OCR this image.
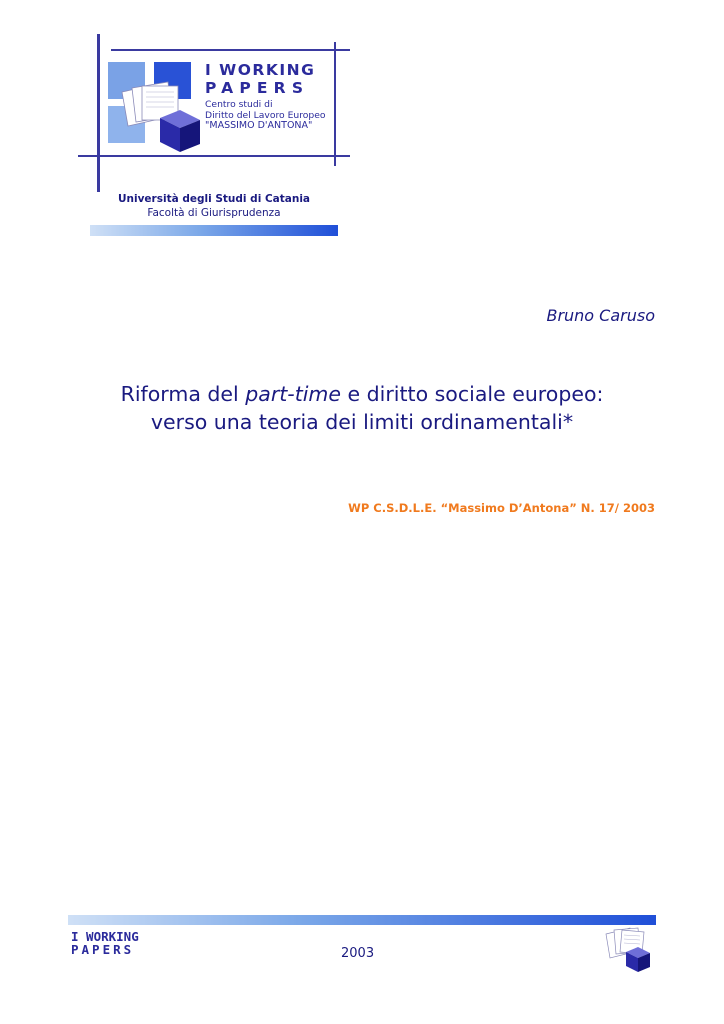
I WORKING
PAPERS
Centro studi di
Diritto del Lavoro Europeo
"MASSIMO D'ANTONA"
Università degli Studi di Catania
Facoltà di Giurisprudenza
Bruno Caruso
Riforma del part-time e diritto sociale europeo:
verso una teoria dei limiti ordinamentali*
WP C.S.D.L.E. “Massimo D’Antona” N. 17/ 2003
I WORKING
PAPERS	2003
